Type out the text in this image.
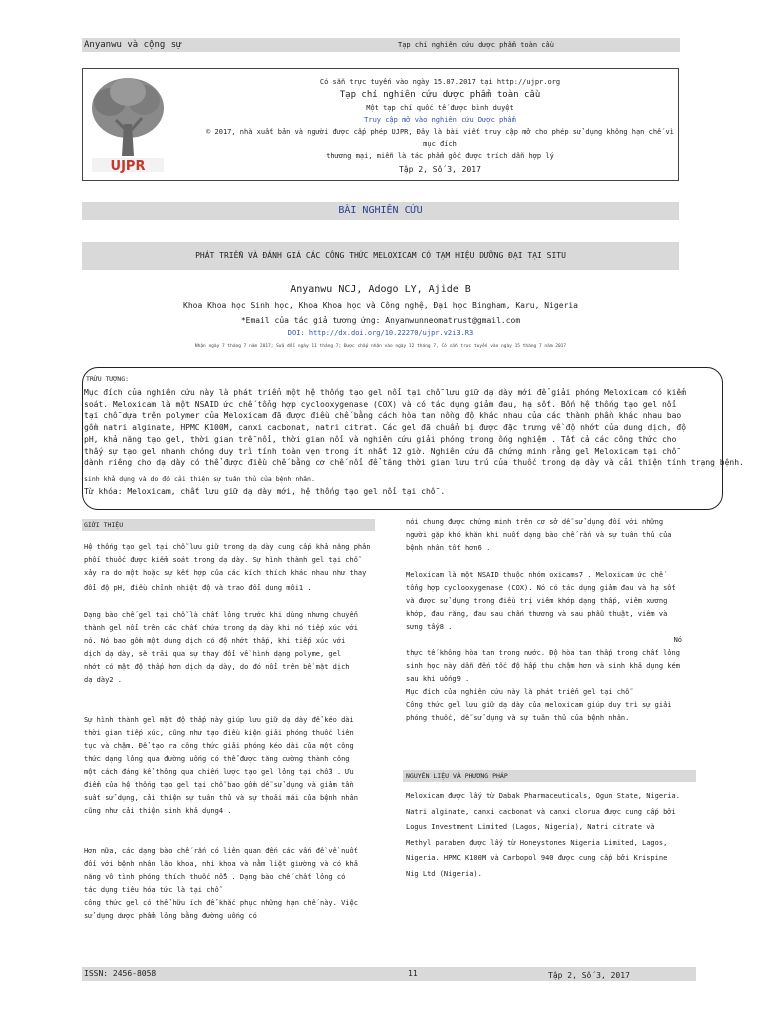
Anyanwu và cộng sự	Tạp chí nghiên cứu dược phẩm toàn cầu
UJPR
Có sẵn trực tuyến vào ngày 15.07.2017 tại http://ujpr.org
Tạp chí nghiên cứu dược phẩm toàn cầu
Một tạp chí quốc tế được bình duyệt
Truy cập mở vào nghiên cứu Dược phẩm
© 2017, nhà xuất bản và người được cấp phép UJPR, Đây là bài viết truy cập mở cho phép sử dụng không hạn chế vì mục đích
thương mại, miễn là tác phẩm gốc được trích dẫn hợp lý
Tập 2, Số 3, 2017
BÀI NGHIÊN CỨU
PHÁT TRIỂN VÀ ĐÁNH GIÁ CÁC CÔNG THỨC MELOXICAM CÓ TẠM HIỆU DƯỠNG ĐẠI TẠI SITU
Anyanwu NCJ, Adogo LY, Ajide B
Khoa Khoa học Sinh học, Khoa Khoa học và Công nghệ, Đại học Bingham, Karu, Nigeria
*Email của tác giả tương ứng: Anyanwunneomatrust@gmail.com
DOI: http://dx.doi.org/10.22270/ujpr.v2i3.R3
Nhận ngày 7 tháng 7 năm 2017; Sửa đổi ngày 11 tháng 7; Được chấp nhận vào ngày 12 tháng 7, Có sẵn trực tuyến vào ngày 15 tháng 7 năm 2017
TRỪU TƯỢNG:
Mục đích của nghiên cứu này là phát triển một hệ thống tạo gel nổi tại chỗ lưu giữ dạ dày mới để giải phóng Meloxicam có kiểm
soát. Meloxicam là một NSAID ức chế tổng hợp cyclooxygenase (COX) và có tác dụng giảm đau, hạ sốt. Bốn hệ thống tạo gel nổi
tại chỗ dựa trên polymer của Meloxicam đã được điều chế bằng cách hòa tan nồng độ khác nhau của các thành phần khác nhau bao
gồm natri alginate, HPMC K100M, canxi cacbonat, natri citrat. Các gel đã chuẩn bị được đặc trưng về độ nhớt của dung dịch, độ
pH, khả năng tạo gel, thời gian trễ nổi, thời gian nổi và nghiên cứu giải phóng trong ống nghiệm . Tất cả các công thức cho
thấy sự tạo gel nhanh chóng duy trì tính toàn vẹn trong ít nhất 12 giờ. Nghiên cứu đã chứng minh rằng gel Meloxicam tại chỗ
dành riêng cho dạ dày có thể được điều chế bằng cơ chế nổi để tăng thời gian lưu trú của thuốc trong dạ dày và cải thiện tính trạng bệnh.
sinh khả dụng và do đó cải thiện sự tuân thủ của bệnh nhân.
Từ khóa: Meloxicam, chất lưu giữ dạ dày mới, hệ thống tạo gel nổi tại chỗ .
GIỚI THIỆU

Hệ thống tạo gel tại chỗ lưu giữ trong dạ dày cung cấp khả năng phân
phối thuốc được kiểm soát trong dạ dày. Sự hình thành gel tại chỗ
xảy ra do một hoặc sự kết hợp của các kích thích khác nhau như thay
đổi độ pH, điều chỉnh nhiệt độ và trao đổi dung môi1 .

Dạng bào chế gel tại chỗ là chất lỏng trước khi dùng nhưng chuyển
thành gel nổi trên các chất chứa trong dạ dày khi nó tiếp xúc với
nó. Nó bao gồm một dung dịch có độ nhớt thấp, khi tiếp xúc với
dịch dạ dày, sẽ trải qua sự thay đổi về hình dạng polyme, gel
nhớt có mật độ thấp hơn dịch dạ dày, do đó nổi trên bề mặt dịch
dạ dày2 .

Sự hình thành gel mật độ thấp này giúp lưu giữ dạ dày để kéo dài
thời gian tiếp xúc, cũng như tạo điều kiện giải phóng thuốc liên
tục và chậm. Để tạo ra công thức giải phóng kéo dài của một công
thức dạng lỏng qua đường uống có thể được tăng cường thành công
một cách đáng kể thông qua chiến lược tạo gel lỏng tại chỗ3 . Ưu
điểm của hệ thống tạo gel tại chỗ bao gồm dễ sử dụng và giảm tần
suất sử dụng, cải thiện sự tuân thủ và sự thoải mái của bệnh nhân
cũng như cải thiện sinh khả dụng4 .

Hơn nữa, các dạng bào chế rắn có liên quan đến các vấn đề về nuốt
đối với bệnh nhân lão khoa, nhi khoa và nằm liệt giường và có khả
năng vô tình phóng thích thuốc nổ5 . Dạng bào chế chất lỏng có
tác dụng tiêu hóa tức là tại chỗ
công thức gel có thể hữu ích để khắc phục những hạn chế này. Việc
sử dụng dược phẩm lỏng bằng đường uống có

nói chung được chứng minh trên cơ sở dễ sử dụng đối với những
người gặp khó khăn khi nuốt dạng bào chế rắn và sự tuân thủ của
bệnh nhân tốt hơn6 .

Meloxicam là một NSAID thuộc nhóm oxicams7 . Meloxicam ức chế
tổng hợp cyclooxygenase (COX). Nó có tác dụng giảm đau và hạ sốt
và được sử dụng trong điều trị viêm khớp dạng thấp, viêm xương
khớp, đau răng, đau sau chấn thương và sau phẫu thuật, viêm và
sưng tấy8 .

Nó
thực tế không hòa tan trong nước. Độ hòa tan thấp trong chất lỏng
sinh học này dẫn đến tốc độ hấp thu chậm hơn và sinh khả dụng kém
sau khi uống9 .

Mục đích của nghiên cứu này là phát triển gel tại chỗ
Công thức gel lưu giữ dạ dày của meloxicam giúp duy trì sự giải
phóng thuốc, dễ sử dụng và sự tuân thủ của bệnh nhân.

NGUYÊN LIỆU VÀ PHƯƠNG PHÁP
Meloxicam được lấy từ Dabak Pharmaceuticals, Ogun State, Nigeria.
Natri alginate, canxi cacbonat và canxi clorua được cung cấp bởi
Logus Investment Limited (Lagos, Nigeria), Natri citrate và
Methyl paraben được lấy từ Honeystones Nigeria Limited, Lagos,
Nigeria. HPMC K100M và Carbopol 940 được cung cấp bởi Krispine
Nig Ltd (Nigeria).
ISSN: 2456-8058	11	Tập 2, Số 3, 2017
